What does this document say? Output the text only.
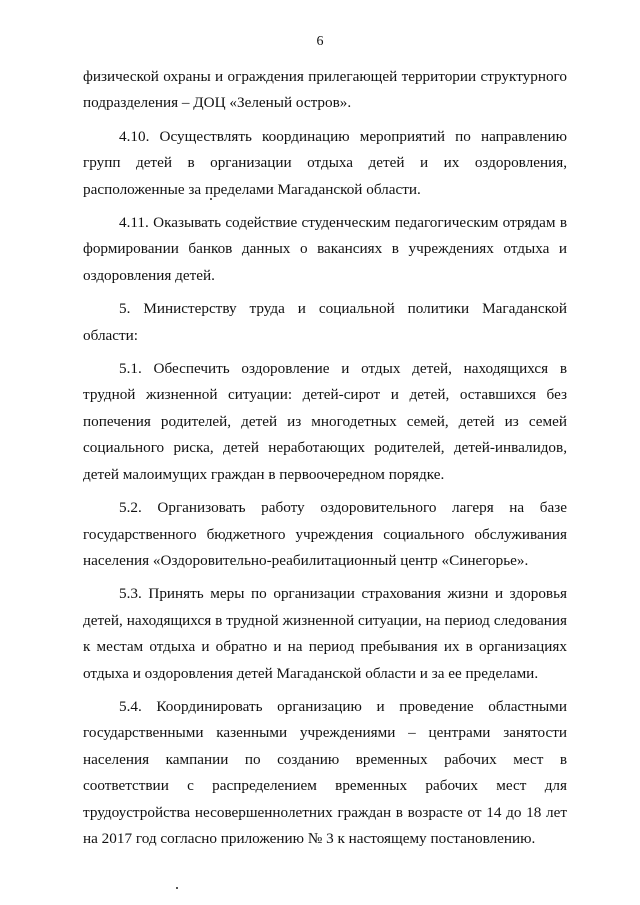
6

физической охраны и ограждения прилегающей территории структурного подразделения – ДОЦ «Зеленый остров».

4.10. Осуществлять координацию мероприятий по направлению групп детей в организации отдыха детей и их оздоровления, расположенные за пределами Магаданской области.

4.11. Оказывать содействие студенческим педагогическим отрядам в формировании банков данных о вакансиях в учреждениях отдыха и оздоровления детей.

5. Министерству труда и социальной политики Магаданской области:

5.1. Обеспечить оздоровление и отдых детей, находящихся в трудной жизненной ситуации: детей-сирот и детей, оставшихся без попечения родителей, детей из многодетных семей, детей из семей социального риска, детей неработающих родителей, детей-инвалидов, детей малоимущих граждан в первоочередном порядке.

5.2. Организовать работу оздоровительного лагеря на базе государственного бюджетного учреждения социального обслуживания населения «Оздоровительно-реабилитационный центр «Синегорье».

5.3. Принять меры по организации страхования жизни и здоровья детей, находящихся в трудной жизненной ситуации, на период следования к местам отдыха и обратно и на период пребывания их в организациях отдыха и оздоровления детей Магаданской области и за ее пределами.

5.4. Координировать организацию и проведение областными государственными казенными учреждениями – центрами занятости населения кампании по созданию временных рабочих мест в соответствии с распределением временных рабочих мест для трудоустройства несовершеннолетних граждан в возрасте от 14 до 18 лет на 2017 год согласно приложению № 3 к настоящему постановлению.
